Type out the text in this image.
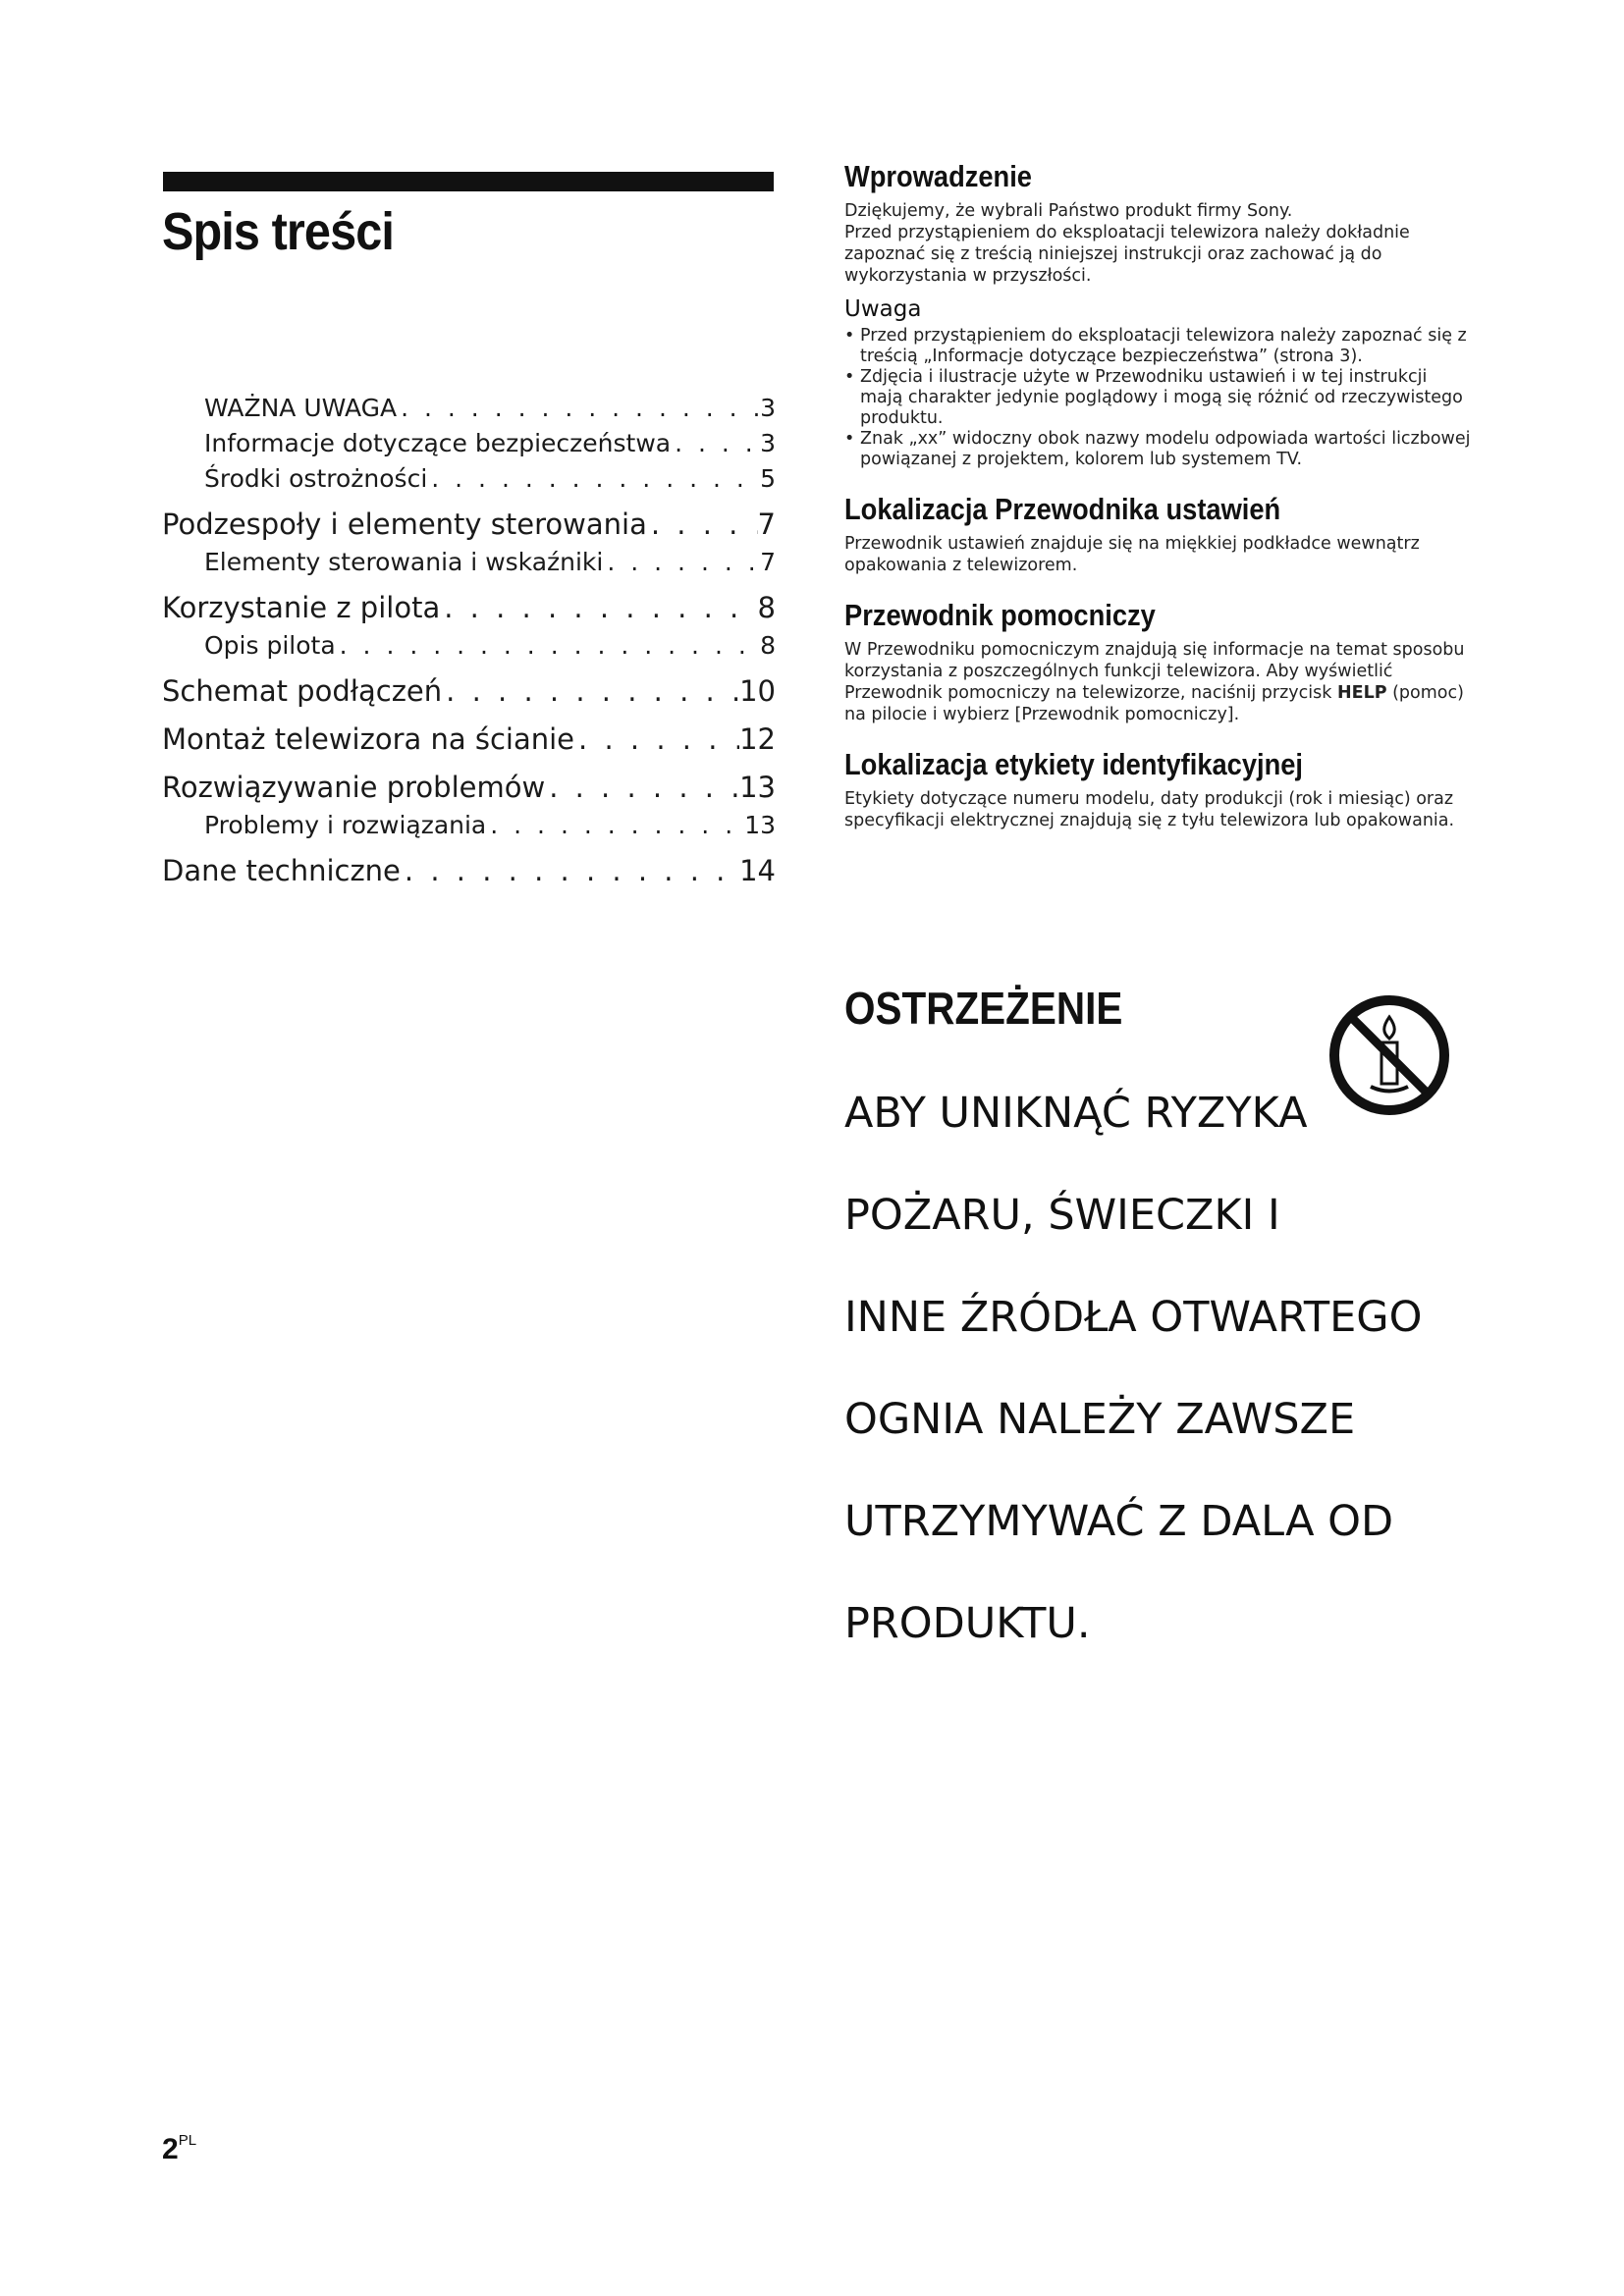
Spis treści
WAŻNA UWAGA . . .	3
Informacje dotyczące bezpieczeństwa . . .	3
Środki ostrożności . . .	5
Podzespoły i elementy sterowania . . .	7
Elementy sterowania i wskaźniki . . .	7
Korzystanie z pilota . . .	8
Opis pilota . . .	8
Schemat podłączeń . . .	10
Montaż telewizora na ścianie . . .	12
Rozwiązywanie problemów . . .	13
Problemy i rozwiązania . . .	13
Dane techniczne . . .	14
Wprowadzenie

Dziękujemy, że wybrali Państwo produkt firmy Sony.

Przed przystąpieniem do eksploatacji telewizora należy dokładnie zapoznać się z treścią niniejszej instrukcji oraz zachować ją do wykorzystania w przyszłości.

Uwaga
• Przed przystąpieniem do eksploatacji telewizora należy zapoznać się z treścią „Informacje dotyczące bezpieczeństwa” (strona 3).
• Zdjęcia i ilustracje użyte w Przewodniku ustawień i w tej instrukcji mają charakter jedynie poglądowy i mogą się różnić od rzeczywistego produktu.
• Znak „xx” widoczny obok nazwy modelu odpowiada wartości liczbowej powiązanej z projektem, kolorem lub systemem TV.
Lokalizacja Przewodnika ustawień
Przewodnik ustawień znajduje się na miękkiej podkładce wewnątrz opakowania z telewizorem.
Przewodnik pomocniczy
W Przewodniku pomocniczym znajdują się informacje na temat sposobu korzystania z poszczególnych funkcji telewizora. Aby wyświetlić Przewodnik pomocniczy na telewizorze, naciśnij przycisk HELP (pomoc) na pilocie i wybierz [Przewodnik pomocniczy].
Lokalizacja etykiety identyfikacyjnej
Etykiety dotyczące numeru modelu, daty produkcji (rok i miesiąc) oraz specyfikacji elektrycznej znajdują się z tyłu telewizora lub opakowania.
OSTRZEŻENIE

ABY UNIKNĄĆ RYZYKA

POŻARU, ŚWIECZKI I

INNE ŹRÓDŁA OTWARTEGO

OGNIA NALEŻY ZAWSZE

UTRZYMYWAĆ Z DALA OD

PRODUKTU.

$2^{PL}$
